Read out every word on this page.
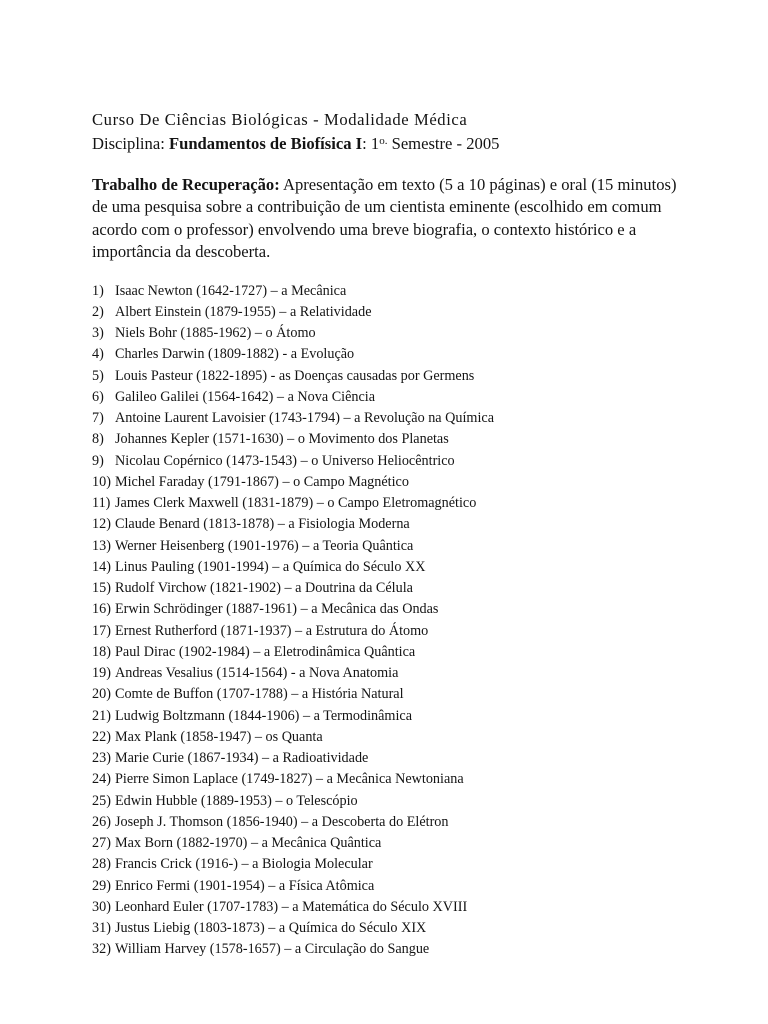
Curso De Ciências Biológicas - Modalidade Médica
Disciplina: Fundamentos de Biofísica I: $1^{o.}$ Semestre - 2005
Trabalho de Recuperação: Apresentação em texto (5 a 10 páginas) e oral (15 minutos) de uma pesquisa sobre a contribuição de um cientista eminente (escolhido em comum acordo com o professor) envolvendo uma breve biografia, o contexto histórico e a importância da descoberta.
1) Isaac Newton (1642-1727) – a Mecânica
2) Albert Einstein (1879-1955) – a Relatividade
3) Niels Bohr (1885-1962) – o Átomo
4) Charles Darwin (1809-1882) - a Evolução
5) Louis Pasteur (1822-1895) - as Doenças causadas por Germens
6) Galileo Galilei (1564-1642) – a Nova Ciência
7) Antoine Laurent Lavoisier (1743-1794) – a Revolução na Química
8) Johannes Kepler (1571-1630) – o Movimento dos Planetas
9) Nicolau Copérnico (1473-1543) – o Universo Heliocêntrico
10) Michel Faraday (1791-1867) – o Campo Magnético
11) James Clerk Maxwell (1831-1879) – o Campo Eletromagnético
12) Claude Benard (1813-1878) – a Fisiologia Moderna
13) Werner Heisenberg (1901-1976) – a Teoria Quântica
14) Linus Pauling (1901-1994) – a Química do Século XX
15) Rudolf Virchow (1821-1902) – a Doutrina da Célula
16) Erwin Schrödinger (1887-1961) – a Mecânica das Ondas
17) Ernest Rutherford (1871-1937) – a Estrutura do Átomo
18) Paul Dirac (1902-1984) – a Eletrodinâmica Quântica
19) Andreas Vesalius (1514-1564) - a Nova Anatomia
20) Comte de Buffon (1707-1788) – a História Natural
21) Ludwig Boltzmann (1844-1906) – a Termodinâmica
22) Max Plank (1858-1947) – os Quanta
23) Marie Curie (1867-1934) – a Radioatividade
24) Pierre Simon Laplace (1749-1827) – a Mecânica Newtoniana
25) Edwin Hubble (1889-1953) – o Telescópio
26) Joseph J. Thomson (1856-1940) – a Descoberta do Elétron
27) Max Born (1882-1970) – a Mecânica Quântica
28) Francis Crick (1916-) – a Biologia Molecular
29) Enrico Fermi (1901-1954) – a Física Atômica
30) Leonhard Euler (1707-1783) – a Matemática do Século XVIII
31) Justus Liebig (1803-1873) – a Química do Século XIX
32) William Harvey (1578-1657) – a Circulação do Sangue
